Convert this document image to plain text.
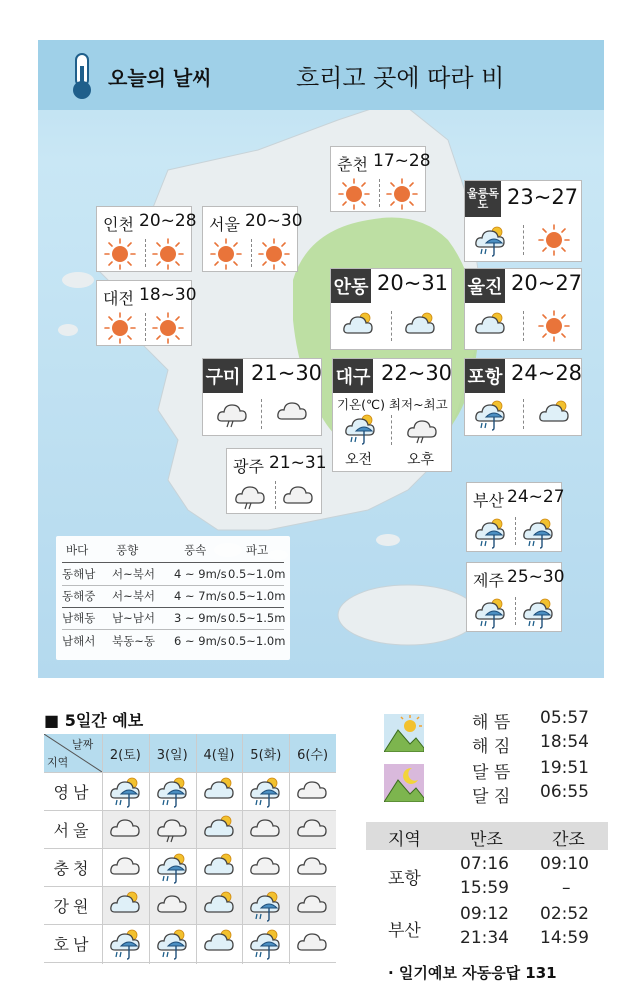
오늘의 날씨	흐리고 곳에 따라 비
춘천 17~28
인천 20~28 서울 20~30
대전 18~30
울릉독도 23~27
안동 20~31 울진 20~27
구미 21~30 대구 22~30
기온(℃) 최저~최고
오전 오후
포항 24~28
광주 21~31
부산 24~27
제주 25~30
바다 풍향	풍속	파고
동해남 서~북서 4 ~ 9m/s 0.5~1.0m
동해중 서~북서 4 ~ 7m/s 0.5~1.0m
남해동 남~남서 3 ~ 9m/s 0.5~1.5m
남해서 북동~동 6 ~ 9m/s 0.5~1.0m
■ 5일간 예보
날짜
지역	2(토)	3(일)	4(월)	5(화)	6(수)
영남
서울
충청
강원
호남
해 뜸 05:57
해 짐 18:54
달 뜸 19:51
달 짐 06:55
지역	만조	간조
포항
07:16 09:10
15:59	–
부산
09:12 02:52
21:34 14:59
· 일기예보 자동응답 131
